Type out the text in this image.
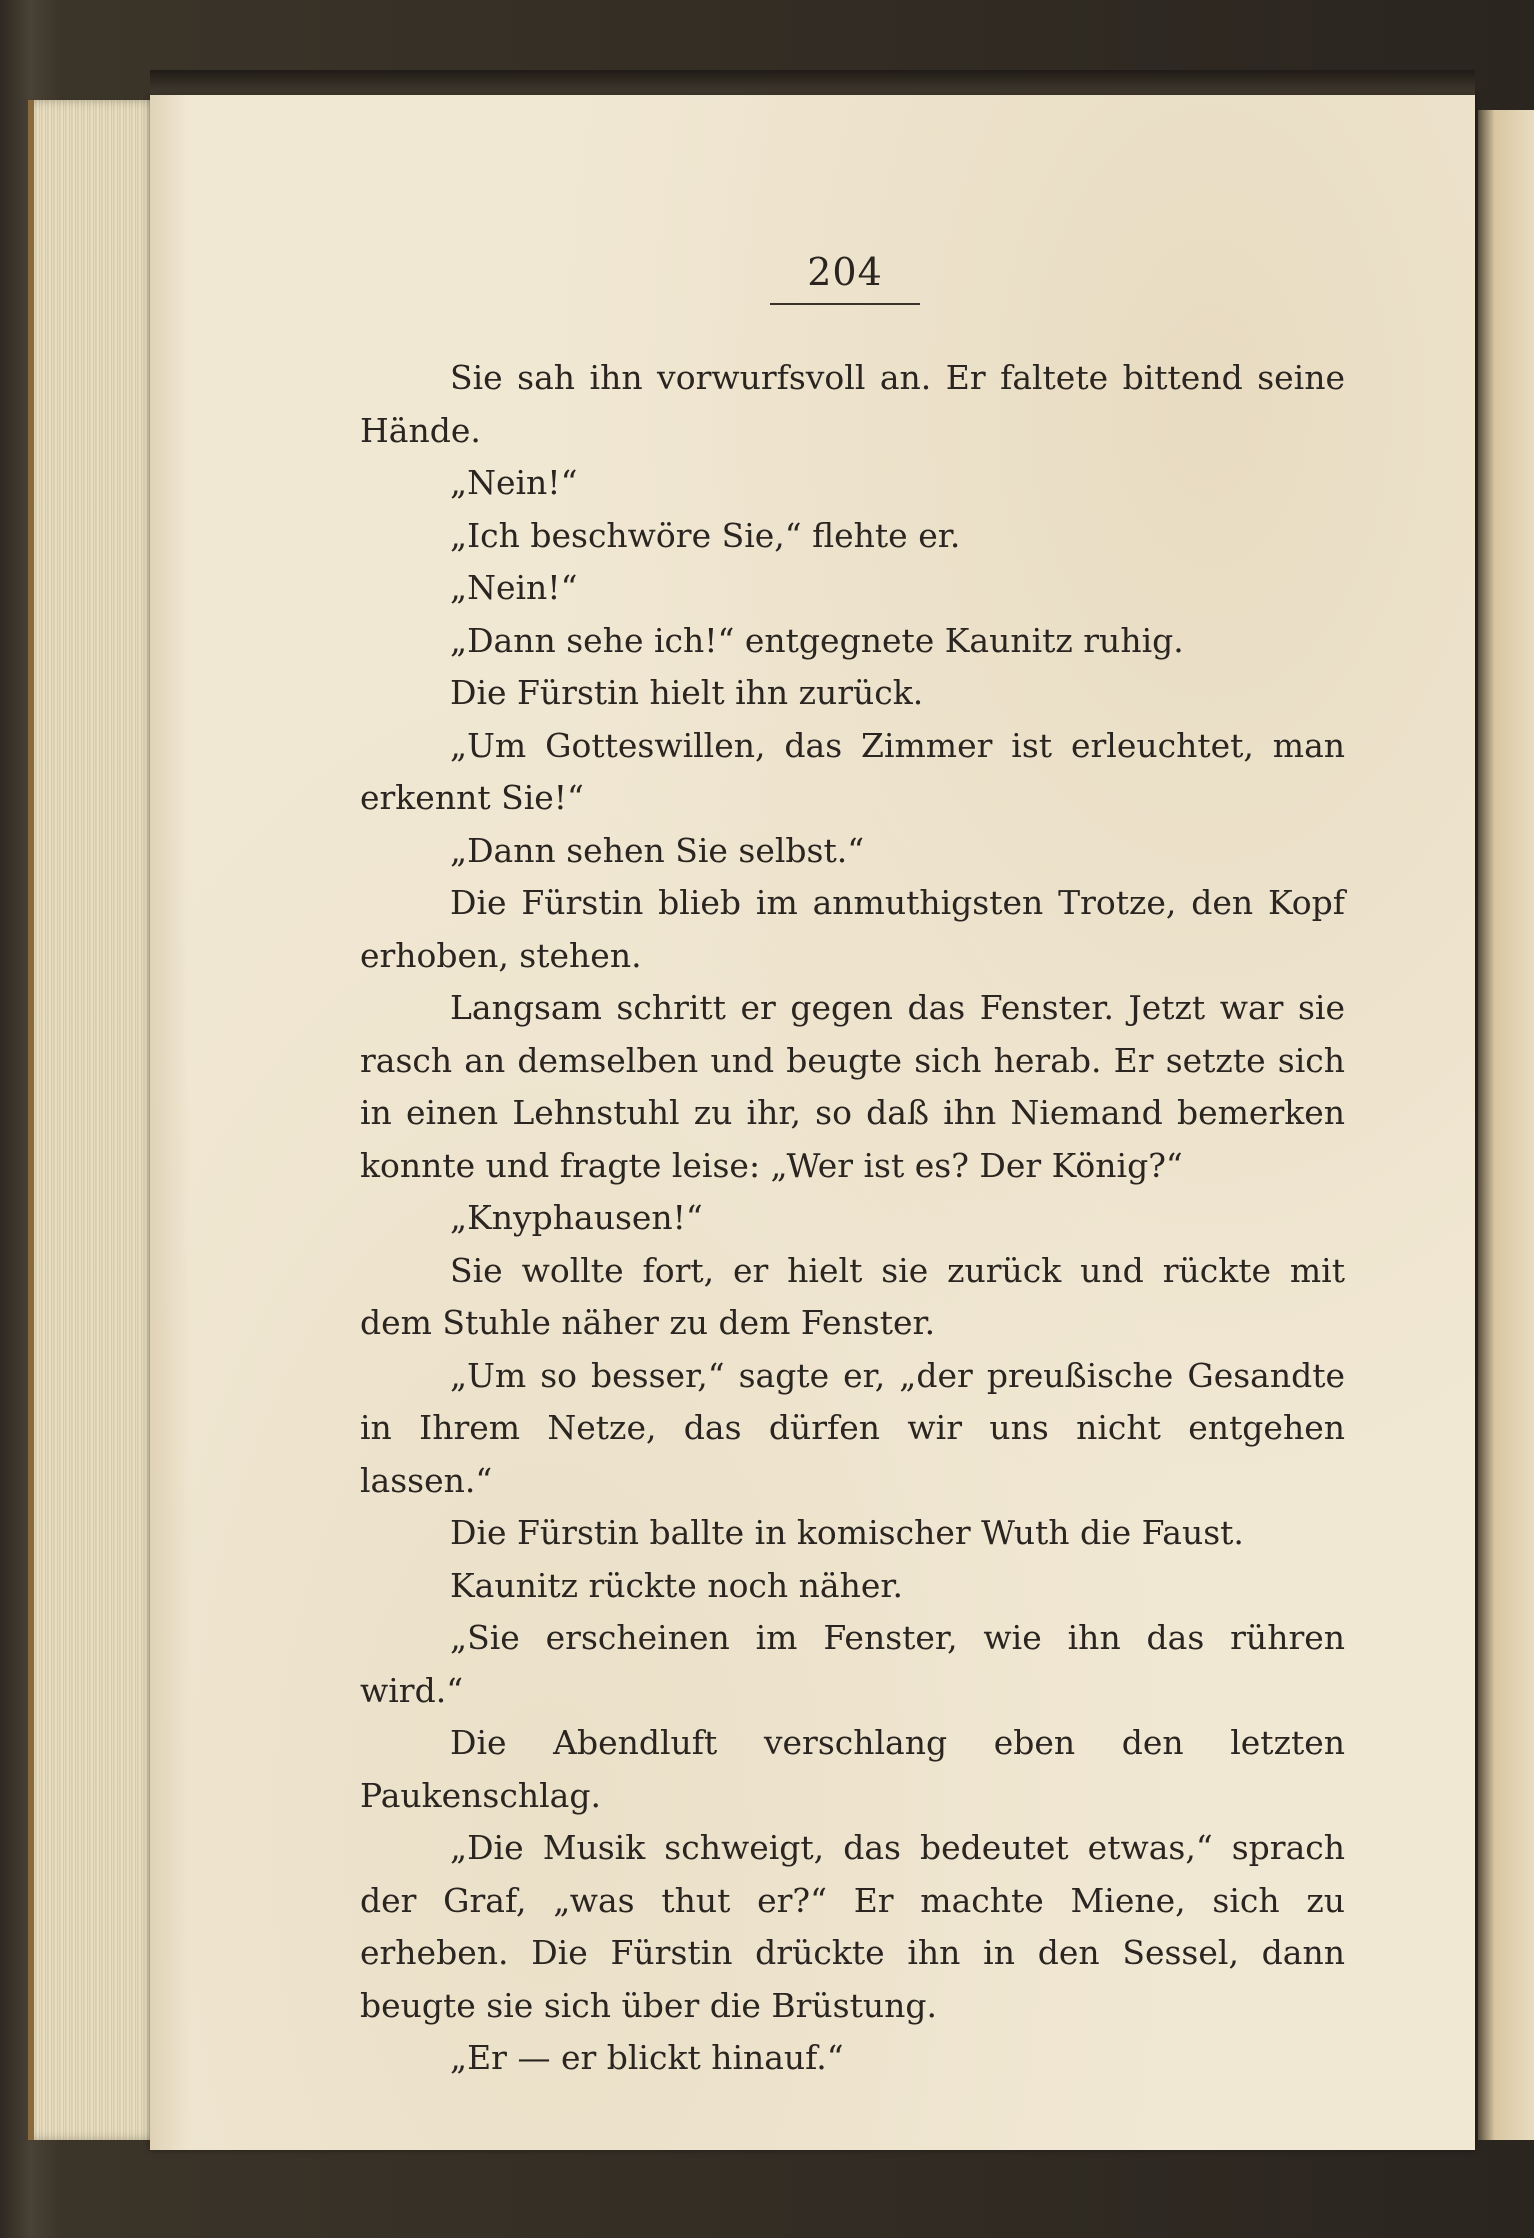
204

Sie sah ihn vorwurfsvoll an. Er faltete bittend seine Hände.

„Nein!“

„Ich beschwöre Sie,“ flehte er.

„Nein!“

„Dann sehe ich!“ entgegnete Kaunitz ruhig.

Die Fürstin hielt ihn zurück.

„Um Gotteswillen, das Zimmer ist erleuchtet, man erkennt Sie!“

„Dann sehen Sie selbst.“

Die Fürstin blieb im anmuthigsten Trotze, den Kopf erhoben, stehen.

Langsam schritt er gegen das Fenster. Jetzt war sie rasch an demselben und beugte sich herab. Er setzte sich in einen Lehnstuhl zu ihr, so daß ihn Niemand bemerken konnte und fragte leise: „Wer ist es? Der König?“

„Knyphausen!“

Sie wollte fort, er hielt sie zurück und rückte mit dem Stuhle näher zu dem Fenster.

„Um so besser,“ sagte er, „der preußische Gesandte in Ihrem Netze, das dürfen wir uns nicht entgehen lassen.“

Die Fürstin ballte in komischer Wuth die Faust.

Kaunitz rückte noch näher.

„Sie erscheinen im Fenster, wie ihn das rühren wird.“

Die Abendluft verschlang eben den letzten Paukenschlag.

„Die Musik schweigt, das bedeutet etwas,“ sprach der Graf, „was thut er?“ Er machte Miene, sich zu erheben. Die Fürstin drückte ihn in den Sessel, dann beugte sie sich über die Brüstung.

„Er — er blickt hinauf.“
